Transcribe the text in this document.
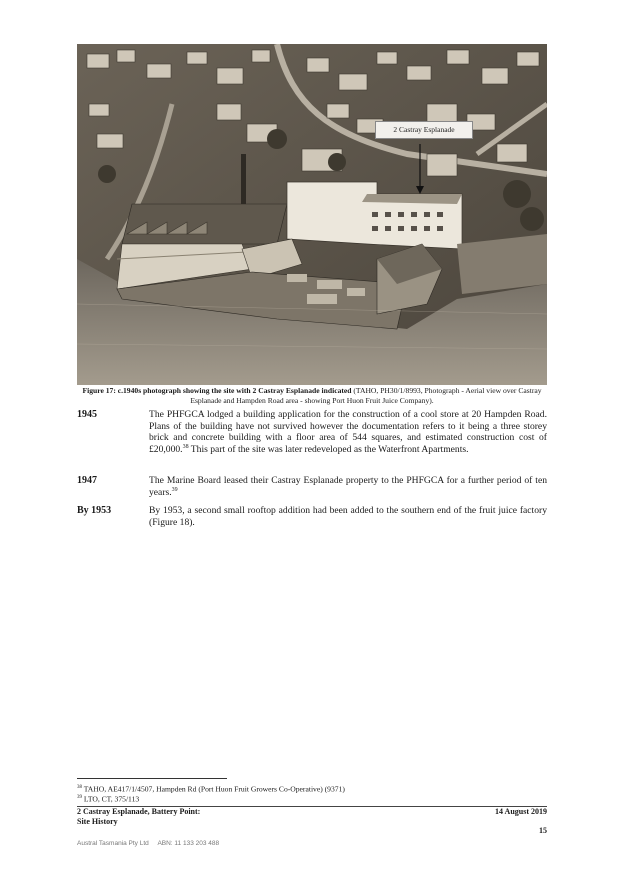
2 Castray Esplanade
Figure 17: c.1940s photograph showing the site with 2 Castray Esplanade indicated (TAHO, PH30/1/8993, Photograph - Aerial view over Castray Esplanade and Hampden Road area - showing Port Huon Fruit Juice Company).
1945	The PHFGCA lodged a building application for the construction of a cool store at 20 Hampden Road. Plans of the building have not survived however the documentation refers to it being a three storey brick and concrete building with a floor area of 544 squares, and estimated construction cost of £20,000.38 This part of the site was later redeveloped as the Waterfront Apartments.
1947	The Marine Board leased their Castray Esplanade property to the PHFGCA for a further period of ten years.$^{39}$
By 1953	By 1953, a second small rooftop addition had been added to the southern end of the fruit juice factory (Figure 18).
$^{38}$ TAHO, AE417/1/4507, Hampden Rd (Port Huon Fruit Growers Co-Operative) (9371)
$^{39}$ LTO, CT, 375/113
2 Castray Esplanade, Battery Point:
Site History
14 August 2019
15
Austral Tasmania Pty Ltd     ABN: 11 133 203 488
